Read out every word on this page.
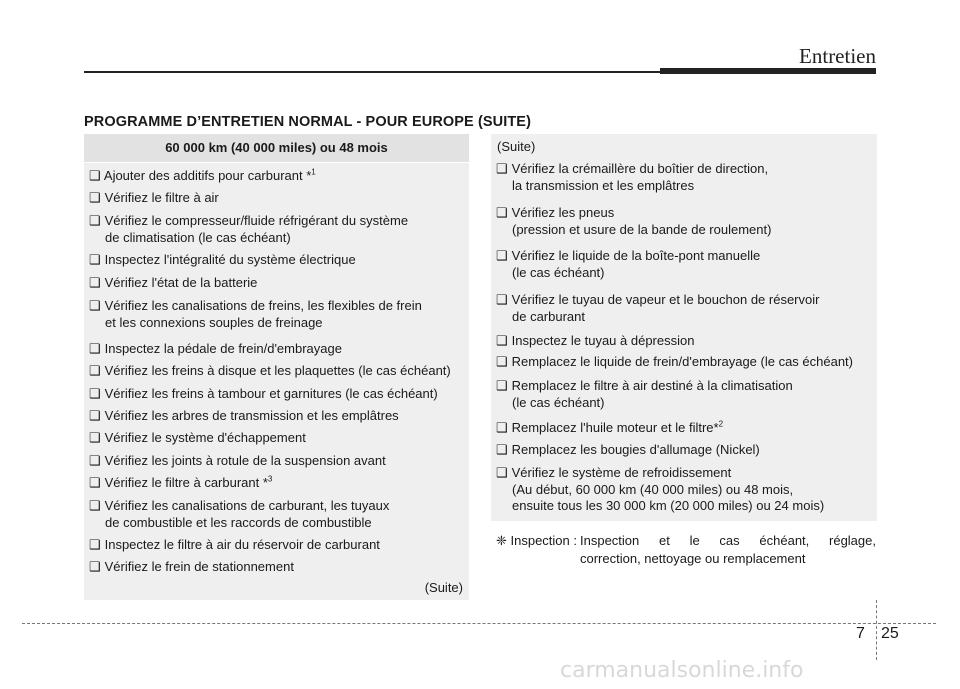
Entretien
PROGRAMME D’ENTRETIEN NORMAL - POUR EUROPE (SUITE)
60 000 km (40 000 miles) ou 48 mois
❑ Ajouter des additifs pour carburant *$^1$
❑ Vérifiez le filtre à air
❑ Vérifiez le compresseur/fluide réfrigérant du système
de climatisation (le cas échéant)
❑ Inspectez l'intégralité du système électrique
❑ Vérifiez l'état de la batterie
❑ Vérifiez les canalisations de freins, les flexibles de frein
et les connexions souples de freinage
❑ Inspectez la pédale de frein/d'embrayage
❑ Vérifiez les freins à disque et les plaquettes (le cas échéant)
❑ Vérifiez les freins à tambour et garnitures (le cas échéant)
❑ Vérifiez les arbres de transmission et les emplâtres
❑ Vérifiez le système d'échappement
❑ Vérifiez les joints à rotule de la suspension avant
❑ Vérifiez le filtre à carburant *$^3$
❑ Vérifiez les canalisations de carburant, les tuyaux
de combustible et les raccords de combustible
❑ Inspectez le filtre à air du réservoir de carburant
❑ Vérifiez le frein de stationnement
(Suite)
(Suite)
❑ Vérifiez la crémaillère du boîtier de direction,
la transmission et les emplâtres
❑ Vérifiez les pneus
(pression et usure de la bande de roulement)
❑ Vérifiez le liquide de la boîte-pont manuelle
(le cas échéant)
❑ Vérifiez le tuyau de vapeur et le bouchon de réservoir
de carburant
❑ Inspectez le tuyau à dépression
❑ Remplacez le liquide de frein/d'embrayage (le cas échéant)
❑ Remplacez le filtre à air destiné à la climatisation
(le cas échéant)
❑ Remplacez l'huile moteur et le filtre*$^2$
❑ Remplacez les bougies d'allumage (Nickel)
❑ Vérifiez le système de refroidissement
(Au début, 60 000 km (40 000 miles) ou 48 mois,
ensuite tous les 30 000 km (20 000 miles) ou 24 mois)
❈ Inspection : Inspection et le cas échéant, réglage,
correction, nettoyage ou remplacement
7 25
carmanualsonline.info
